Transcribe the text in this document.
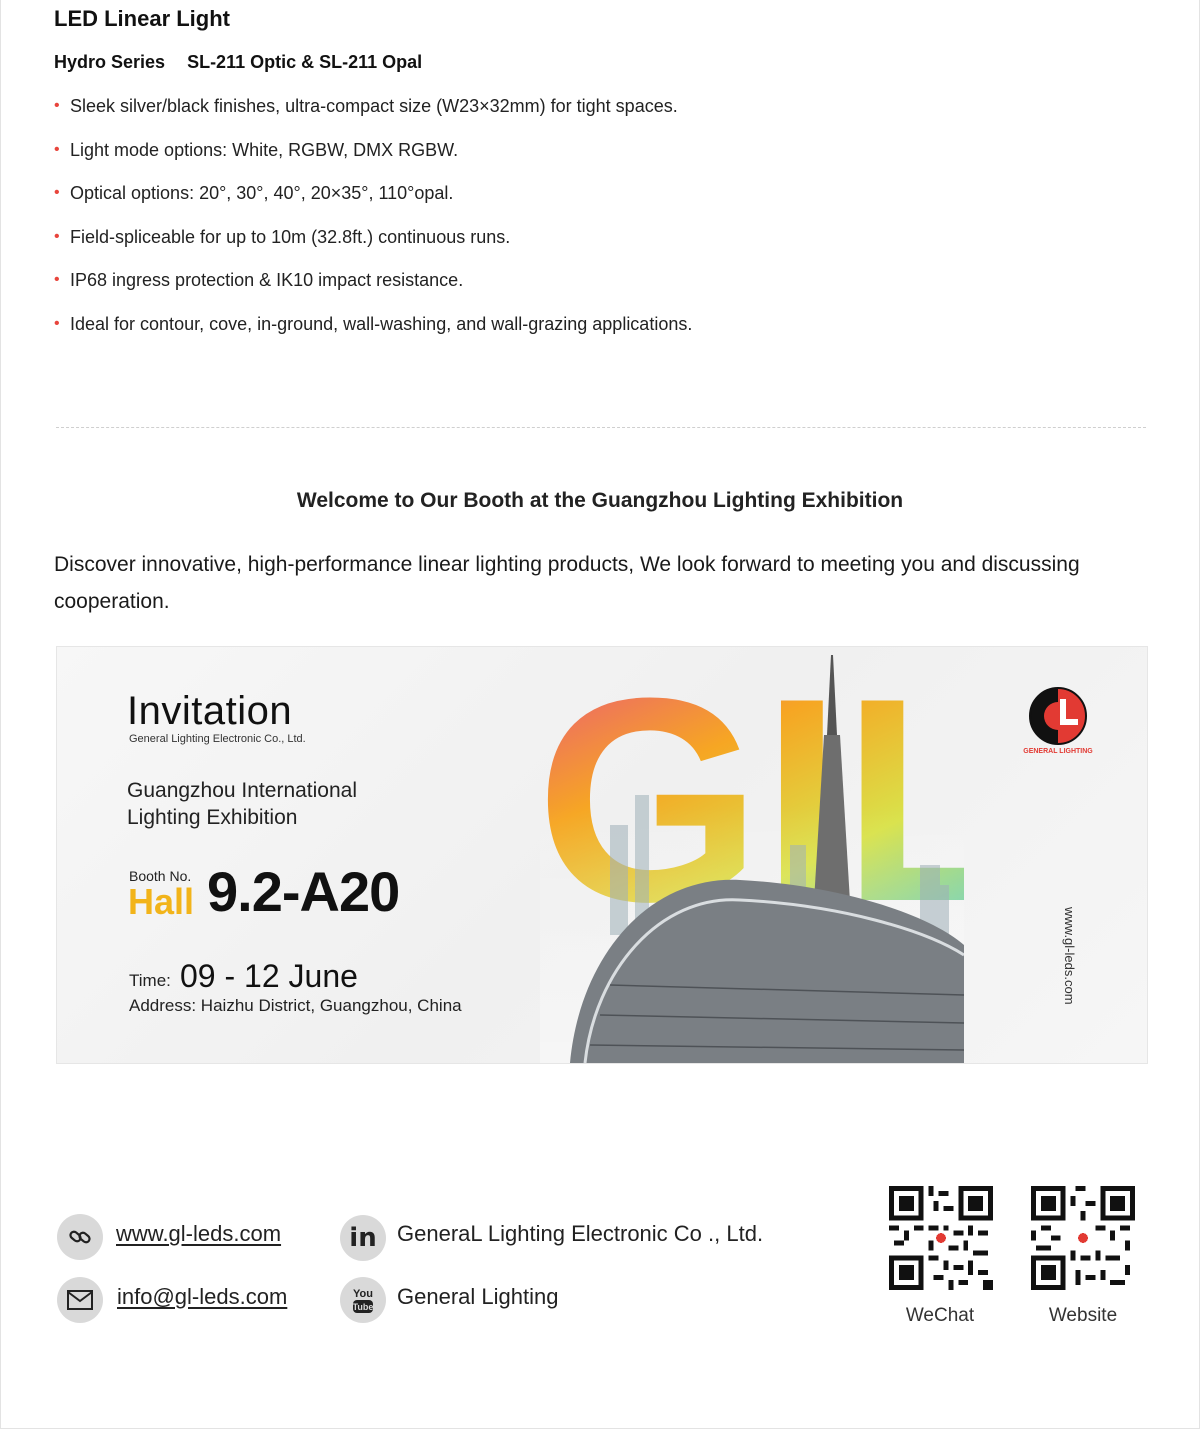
LED Linear Light
Hydro Series SL-211 Optic & SL-211 Opal
• Sleek silver/black finishes, ultra-compact size (W23×32mm) for tight spaces.
• Light mode options: White, RGBW, DMX RGBW.
• Optical options: 20°, 30°, 40°, 20×35°, 110°opal.
• Field-spliceable for up to 10m (32.8ft.) continuous runs.
• IP68 ingress protection & IK10 impact resistance.
• Ideal for contour, cove, in-ground, wall-washing, and wall-grazing applications.
Welcome to Our Booth at the Guangzhou Lighting Exhibition
Discover innovative, high-performance linear lighting products, We look forward to meeting you and discussing cooperation.
Invitation
General Lighting Electronic Co., Ltd.
Guangzhou International Lighting Exhibition
Booth No.
Hall 9.2-A20
Time: 09 - 12 June
Address: Haizhu District, Guangzhou, China
GENERAL LIGHTING
www.gl-leds.com
www.gl-leds.com
info@gl-leds.com
in GeneraL Lighting Electronic Co ., Ltd.
You
Tube General Lighting
WeChat	Website
